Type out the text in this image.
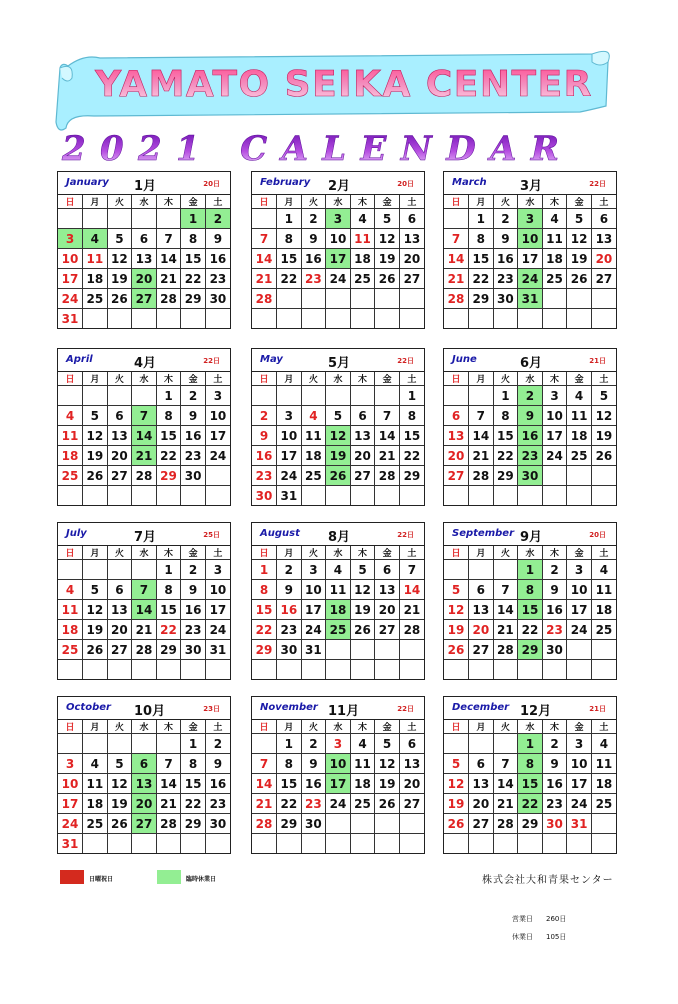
YAMATO SEIKA CENTER
2021 CALENDAR
January 1月	20日
日	月	火	水	木	金	土
					1	2
3	4	5	6	7	8	9
10	11	12	13	14	15	16
17	18	19	20	21	22	23
24	25	26	27	28	29	30
31						
February 2月	20日
日	月	火	水	木	金	土
	1	2	3	4	5	6
7	8	9	10	11	12	13
14	15	16	17	18	19	20
21	22	23	24	25	26	27
28						

March	3月	22日
日	月	火	水	木	金	土
	1	2	3	4	5	6
7	8	9	10	11	12	13
14	15	16	17	18	19	20
21	22	23	24	25	26	27
28	29	30	31			

April	4月	22日
日	月	火	水	木	金	土
				1	2	3
4	5	6	7	8	9	10
11	12	13	14	15	16	17
18	19	20	21	22	23	24
25	26	27	28	29	30	

May	5月	22日
日	月	火	水	木	金	土
						1
2	3	4	5	6	7	8
9	10	11	12	13	14	15
16	17	18	19	20	21	22
23	24	25	26	27	28	29
30	31					
June	6月	21日
日	月	火	水	木	金	土
		1	2	3	4	5
6	7	8	9	10	11	12
13	14	15	16	17	18	19
20	21	22	23	24	25	26
27	28	29	30			

July	7月	25日
日	月	火	水	木	金	土
				1	2	3
4	5	6	7	8	9	10
11	12	13	14	15	16	17
18	19	20	21	22	23	24
25	26	27	28	29	30	31

August 8月	22日
日	月	火	水	木	金	土
1	2	3	4	5	6	7
8	9	10	11	12	13	14
15	16	17	18	19	20	21
22	23	24	25	26	27	28
29	30	31				

September 9月	20日
日	月	火	水	木	金	土
			1	2	3	4
5	6	7	8	9	10	11
12	13	14	15	16	17	18
19	20	21	22	23	24	25
26	27	28	29	30		

October 10月	23日
日	月	火	水	木	金	土
					1	2
3	4	5	6	7	8	9
10	11	12	13	14	15	16
17	18	19	20	21	22	23
24	25	26	27	28	29	30
31						
November 11月	22日
日	月	火	水	木	金	土
	1	2	3	4	5	6
7	8	9	10	11	12	13
14	15	16	17	18	19	20
21	22	23	24	25	26	27
28	29	30				

December 12月	21日
日	月	火	水	木	金	土
			1	2	3	4
5	6	7	8	9	10	11
12	13	14	15	16	17	18
19	20	21	22	23	24	25
26	27	28	29	30	31	

日曜祝日	臨時休業日	株式会社大和青果センター
営業日 260日
休業日 105日
